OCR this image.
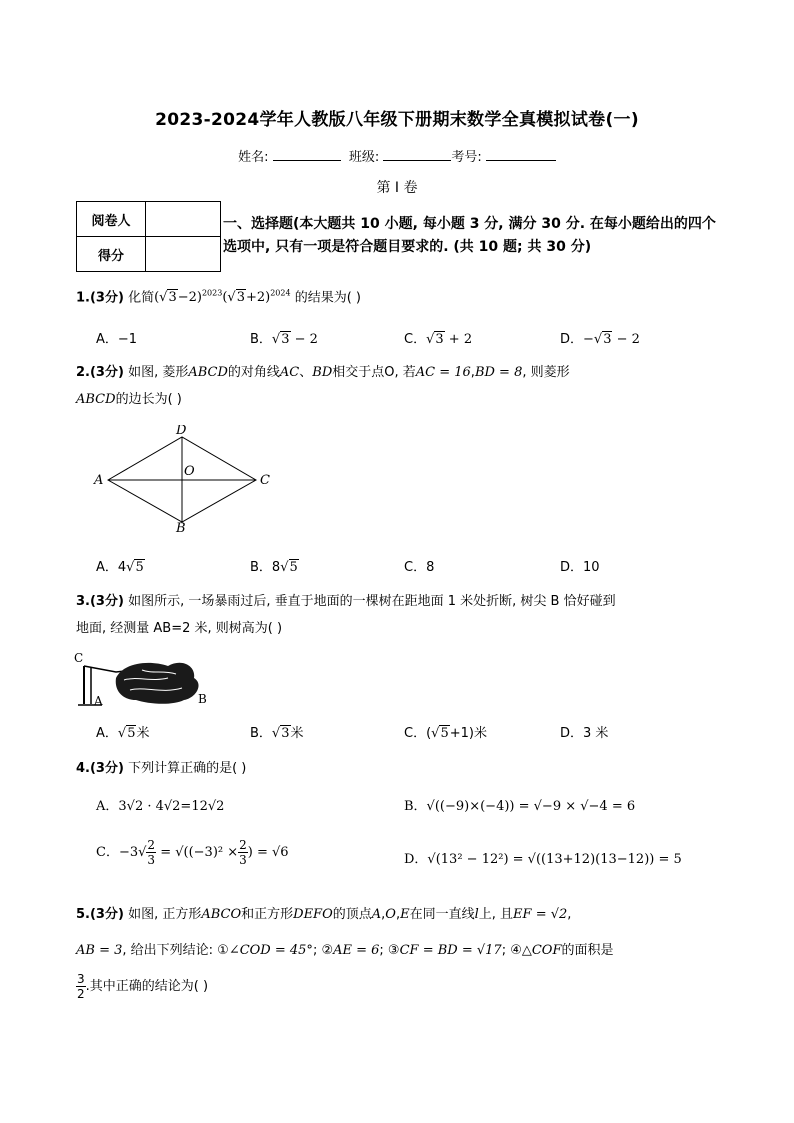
2023-2024学年人教版八年级下册期末数学全真模拟试卷(一)
姓名:	班级:	考号:
第 I 卷
阅卷人	
得分	
一、选择题(本大题共 10 小题, 每小题 3 分, 满分 30 分. 在每小题给出的四个选项中, 只有一项是符合题目要求的. (共 10 题; 共 30 分)
1.(3分) 化简$(√3-2)^{2023}(√3+2)^{2024}$ 的结果为( )
A．−1	B．√3 − 2	C．√3 + 2	D．−√3 − 2
2.(3分) 如图, 菱形ABCD的对角线AC、BD相交于点O, 若AC = 16,BD = 8, 则菱形
ABCD的边长为( )
A
D
C
B
O
A．4√5	B．8√5	C．8	D．10
3.(3分) 如图所示, 一场暴雨过后, 垂直于地面的一棵树在距地面 1 米处折断, 树尖 B 恰好碰到
地面, 经测量 AB=2 米, 则树高为( )
C
A	B
A．√5米	B．√3米	C．(√5+1)米	D．3 米
4.(3分) 下列计算正确的是( )
A．3√2 · 4√2=12√2	B．√((−9)×(−4)) = √−9 × √−4 = 6
C．$-3√ \frac{2}{3} = √((-3)^2 \times \frac{2}{3}$ ) = √6	D．√(13² − 12²) = √((13+12)(13−12)) = 5
5.(3分) 如图, 正方形ABCO和正方形DEFO的顶点A,O,E在同一直线l上, 且EF = √2,
AB = 3, 给出下列结论: ①∠COD = 45°; ②AE = 6; ③CF = BD = √17; ④△COF的面积是

$\frac{3}{2}$ .其中正确的结论为( )
